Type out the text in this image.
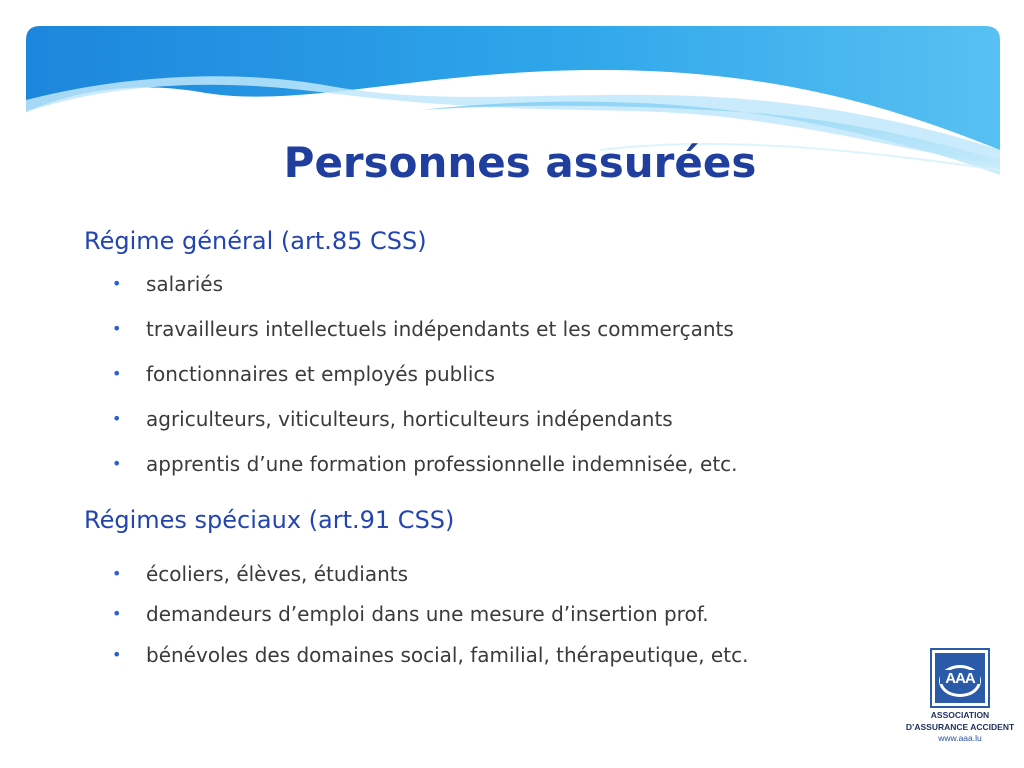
Personnes assurées

Régime général (art.85 CSS)

• salariés
• travailleurs intellectuels indépendants et les commerçants
• fonctionnaires et employés publics
• agriculteurs, viticulteurs, horticulteurs indépendants
• apprentis d’une formation professionnelle indemnisée, etc.

Régimes spéciaux (art.91 CSS)

• écoliers, élèves, étudiants
• demandeurs d’emploi dans une mesure d’insertion prof.
• bénévoles des domaines social, familial, thérapeutique, etc.
AAA
ASSOCIATION
D’ASSURANCE ACCIDENT
www.aaa.lu
